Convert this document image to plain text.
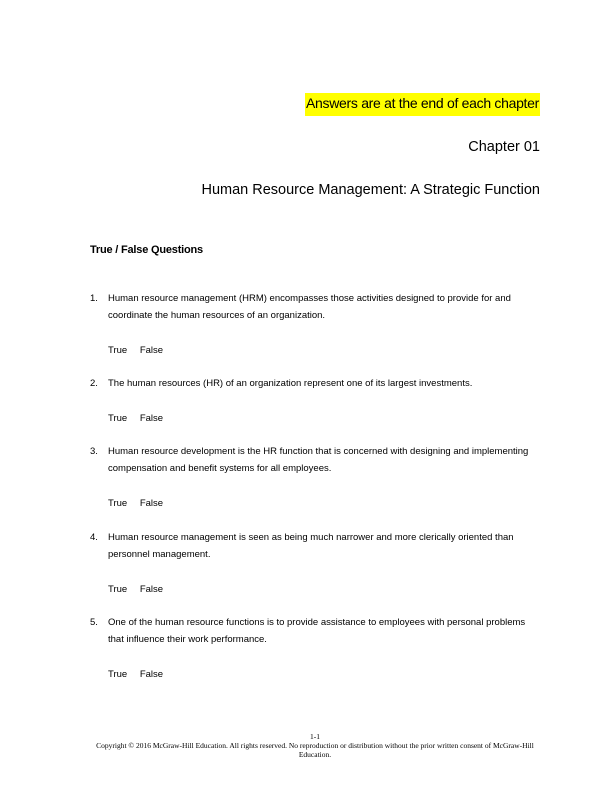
Answers are at the end of each chapter
Chapter 01
Human Resource Management: A Strategic Function
True / False Questions
1. Human resource management (HRM) encompasses those activities designed to provide for and coordinate the human resources of an organization.
True False
2. The human resources (HR) of an organization represent one of its largest investments.
True False
3. Human resource development is the HR function that is concerned with designing and implementing compensation and benefit systems for all employees.
True False
4. Human resource management is seen as being much narrower and more clerically oriented than personnel management.
True False
5. One of the human resource functions is to provide assistance to employees with personal problems that influence their work performance.
True False
1-1
Copyright © 2016 McGraw-Hill Education. All rights reserved. No reproduction or distribution without the prior written consent of McGraw-Hill Education.
